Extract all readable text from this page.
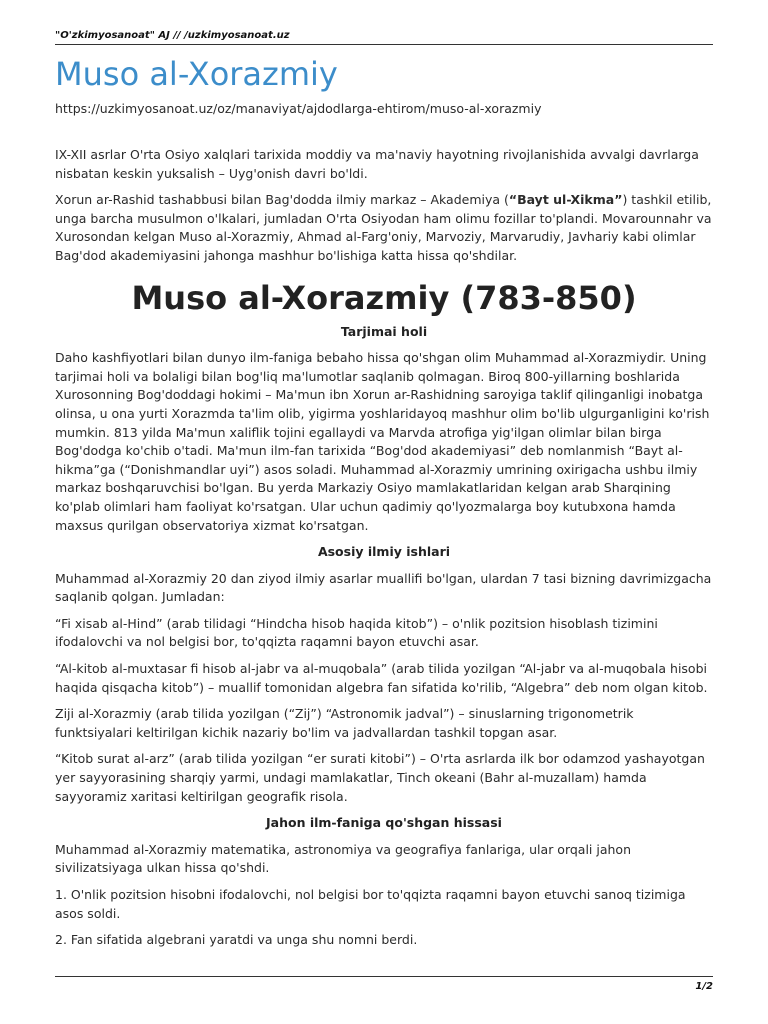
"O'zkimyosanoat" AJ // /uzkimyosanoat.uz
Muso al-Xorazmiy
https://uzkimyosanoat.uz/oz/manaviyat/ajdodlarga-ehtirom/muso-al-xorazmiy

IX-XII asrlar O'rta Osiyo xalqlari tarixida moddiy va ma'naviy hayotning rivojlanishida avvalgi davrlarga nisbatan keskin yuksalish – Uyg'onish davri bo'ldi.

Xorun ar-Rashid tashabbusi bilan Bag'dodda ilmiy markaz – Akademiya (“Bayt ul-Xikma”) tashkil etilib, unga barcha musulmon o'lkalari, jumladan O'rta Osiyodan ham olimu fozillar to'plandi. Movarounnahr va Xurosondan kelgan Muso al-Xorazmiy, Ahmad al-Farg'oniy, Marvoziy, Marvarudiy, Javhariy kabi olimlar Bag'dod akademiyasini jahonga mashhur bo'lishiga katta hissa qo'shdilar.

Muso al-Xorazmiy (783-850)
Tarjimai holi

Daho kashfiyotlari bilan dunyo ilm-faniga bebaho hissa qo'shgan olim Muhammad al-Xorazmiydir. Uning tarjimai holi va bolaligi bilan bog'liq ma'lumotlar saqlanib qolmagan. Biroq 800-yillarning boshlarida Xurosonning Bog'doddagi hokimi – Ma'mun ibn Xorun ar-Rashidning saroyiga taklif qilinganligi inobatga olinsa, u ona yurti Xorazmda ta'lim olib, yigirma yoshlaridayoq mashhur olim bo'lib ulgurganligini ko'rish mumkin. 813 yilda Ma'mun xaliflik tojini egallaydi va Marvda atrofiga yig'ilgan olimlar bilan birga Bog'dodga ko'chib o'tadi. Ma'mun ilm-fan tarixida “Bog'dod akademiyasi” deb nomlanmish “Bayt al-hikma”ga (“Donishmandlar uyi”) asos soladi. Muhammad al-Xorazmiy umrining oxirigacha ushbu ilmiy markaz boshqaruvchisi bo'lgan. Bu yerda Markaziy Osiyo mamlakatlaridan kelgan arab Sharqining ko'plab olimlari ham faoliyat ko'rsatgan. Ular uchun qadimiy qo'lyozmalarga boy kutubxona hamda maxsus qurilgan observatoriya xizmat ko'rsatgan.

Asosiy ilmiy ishlari

Muhammad al-Xorazmiy 20 dan ziyod ilmiy asarlar muallifi bo'lgan, ulardan 7 tasi bizning davrimizgacha saqlanib qolgan. Jumladan:

“Fi xisab al-Hind” (arab tilidagi “Hindcha hisob haqida kitob”) – o'nlik pozitsion hisoblash tizimini ifodalovchi va nol belgisi bor, to'qqizta raqamni bayon etuvchi asar.

“Al-kitob al-muxtasar fi hisob al-jabr va al-muqobala” (arab tilida yozilgan “Al-jabr va al-muqobala hisobi haqida qisqacha kitob”) – muallif tomonidan algebra fan sifatida ko'rilib, “Algebra” deb nom olgan kitob.

Ziji al-Xorazmiy (arab tilida yozilgan (“Zij”) “Astronomik jadval”) – sinuslarning trigonometrik funktsiyalari keltirilgan kichik nazariy bo'lim va jadvallardan tashkil topgan asar.

“Kitob surat al-arz” (arab tilida yozilgan “er surati kitobi”) – O'rta asrlarda ilk bor odamzod yashayotgan yer sayyorasining sharqiy yarmi, undagi mamlakatlar, Tinch okeani (Bahr al-muzallam) hamda sayyoramiz xaritasi keltirilgan geografik risola.

Jahon ilm-faniga qo'shgan hissasi

Muhammad al-Xorazmiy matematika, astronomiya va geografiya fanlariga, ular orqali jahon sivilizatsiyaga ulkan hissa qo'shdi.

1. O'nlik pozitsion hisobni ifodalovchi, nol belgisi bor to'qqizta raqamni bayon etuvchi sanoq tizimiga asos soldi.

2. Fan sifatida algebrani yaratdi va unga shu nomni berdi.

1/2
